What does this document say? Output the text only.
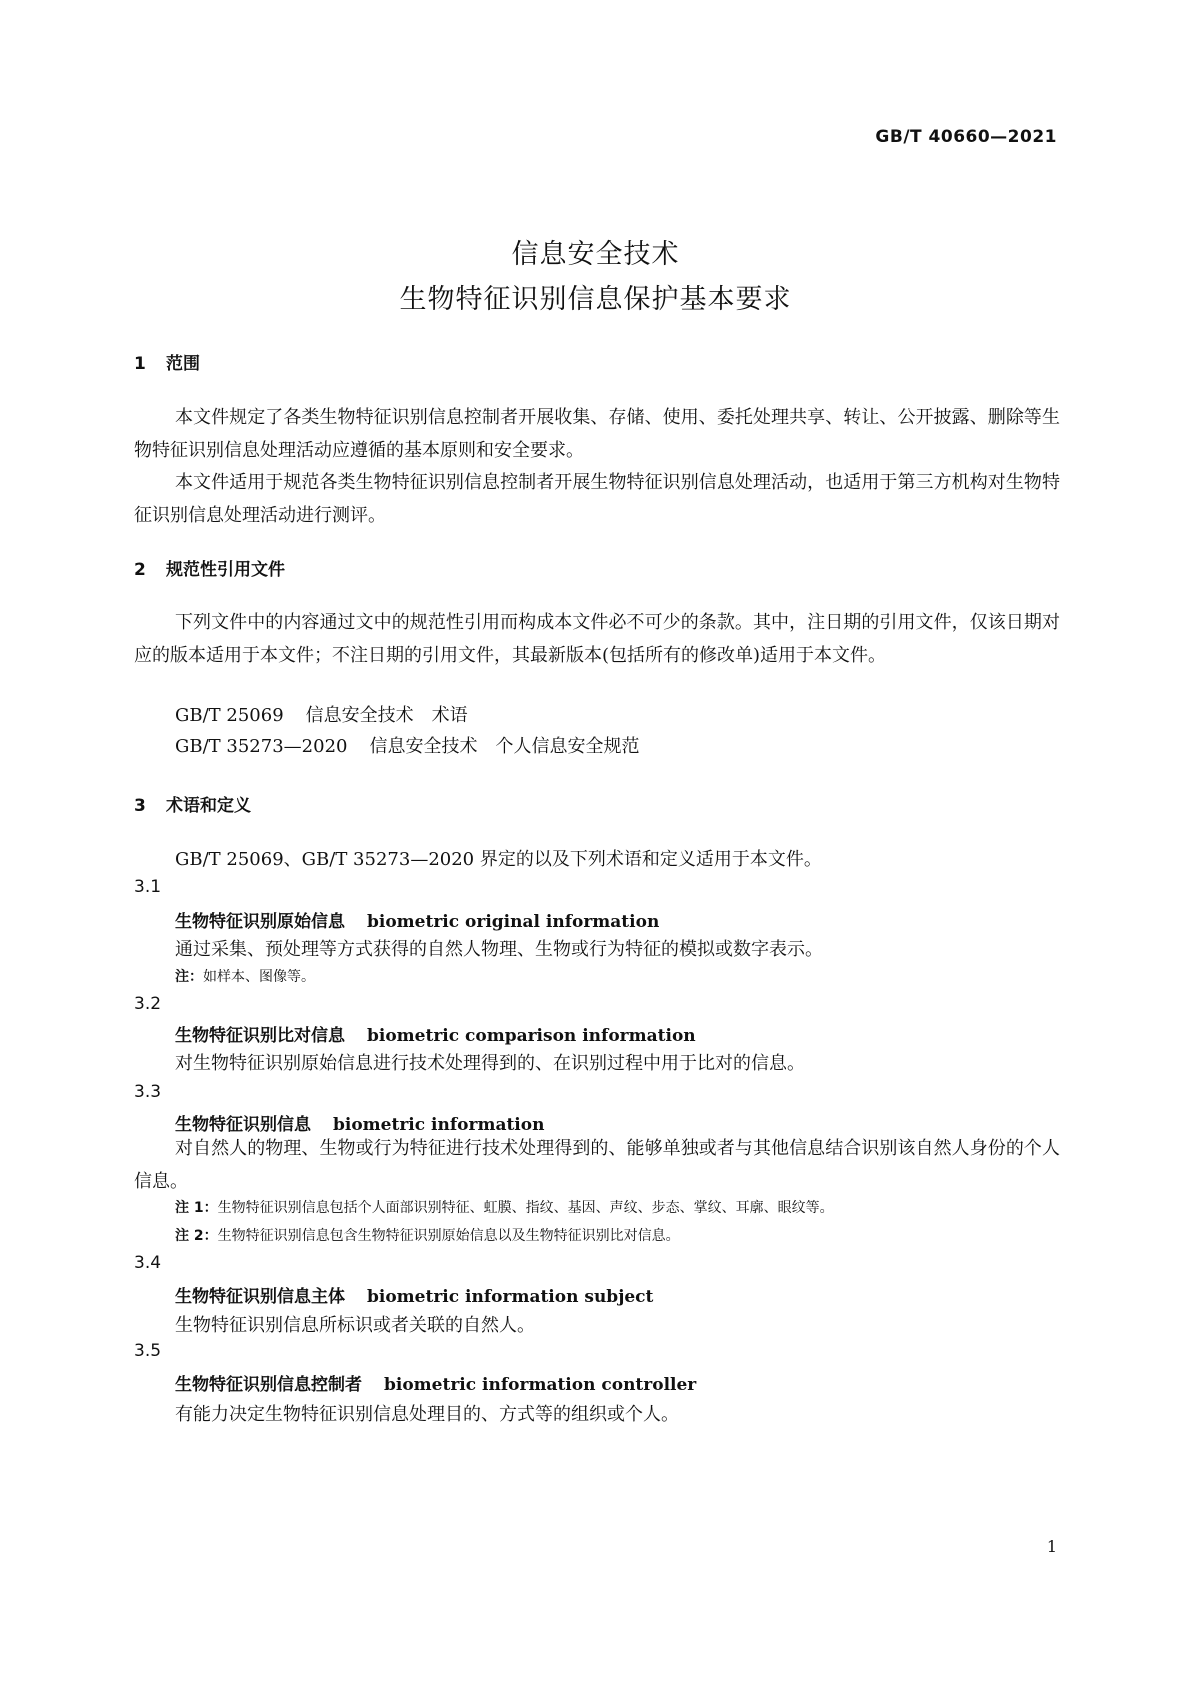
GB/T 40660—2021
信息安全技术
生物特征识别信息保护基本要求
1 范围
本文件规定了各类生物特征识别信息控制者开展收集、存储、使用、委托处理共享、转让、公开披露、删除等生物特征识别信息处理活动应遵循的基本原则和安全要求。
本文件适用于规范各类生物特征识别信息控制者开展生物特征识别信息处理活动，也适用于第三方机构对生物特征识别信息处理活动进行测评。
2 规范性引用文件
下列文件中的内容通过文中的规范性引用而构成本文件必不可少的条款。其中，注日期的引用文件，仅该日期对应的版本适用于本文件；不注日期的引用文件，其最新版本(包括所有的修改单)适用于本文件。
GB/T 25069 信息安全技术　术语
GB/T 35273—2020 信息安全技术　个人信息安全规范
3 术语和定义
GB/T 25069、GB/T 35273—2020 界定的以及下列术语和定义适用于本文件。
3.1
生物特征识别原始信息 biometric original information
通过采集、预处理等方式获得的自然人物理、生物或行为特征的模拟或数字表示。
注：如样本、图像等。
3.2
生物特征识别比对信息 biometric comparison information
对生物特征识别原始信息进行技术处理得到的、在识别过程中用于比对的信息。
3.3
生物特征识别信息 biometric information
对自然人的物理、生物或行为特征进行技术处理得到的、能够单独或者与其他信息结合识别该自然人身份的个人信息。
注 1：生物特征识别信息包括个人面部识别特征、虹膜、指纹、基因、声纹、步态、掌纹、耳廓、眼纹等。
注 2：生物特征识别信息包含生物特征识别原始信息以及生物特征识别比对信息。
3.4
生物特征识别信息主体 biometric information subject
生物特征识别信息所标识或者关联的自然人。
3.5
生物特征识别信息控制者 biometric information controller
有能力决定生物特征识别信息处理目的、方式等的组织或个人。
1
